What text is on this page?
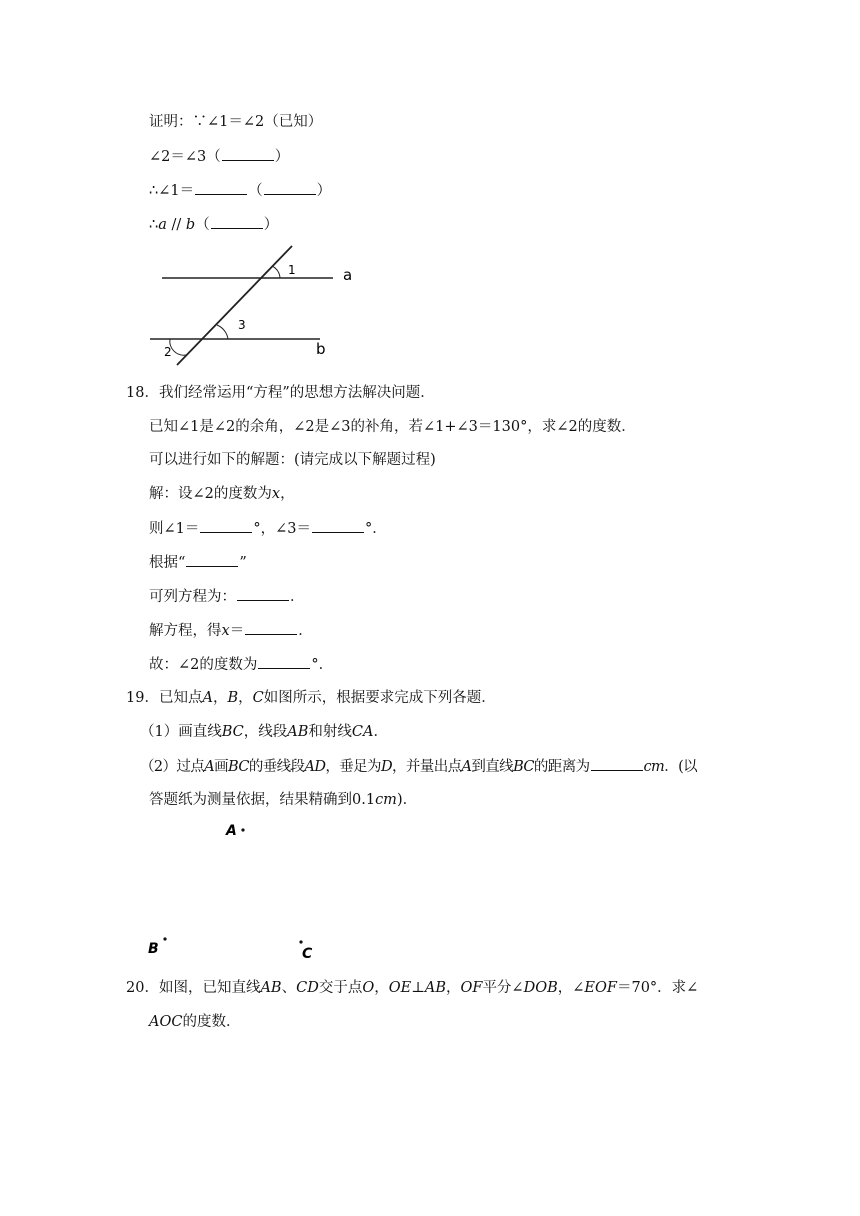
证明：∵∠1＝∠2（已知）
∠2＝∠3（	）
∴∠1＝	（	）
∴a // b（	）
1
3
2
a
b
18．我们经常运用“方程”的思想方法解决问题．
已知∠1是∠2的余角，∠2是∠3的补角，若∠1+∠3＝130°，求∠2的度数．
可以进行如下的解题：(请完成以下解题过程)
解：设∠2的度数为x，
则∠1＝	°，∠3＝	°．
根据“	”
可列方程为：	．
解方程，得x＝	．
故：∠2的度数为	°．
19．已知点A，B，C如图所示，根据要求完成下列各题．
（1）画直线BC，线段AB和射线CA．
（2）过点A画BC的垂线段AD，垂足为D，并量出点A到直线BC的距离为	cm．(以
答题纸为测量依据，结果精确到0.1cm)．
A
B	C
20．如图，已知直线AB、CD交于点O，OE⊥AB，OF平分∠DOB，∠EOF＝70°．求∠
AOC的度数．
